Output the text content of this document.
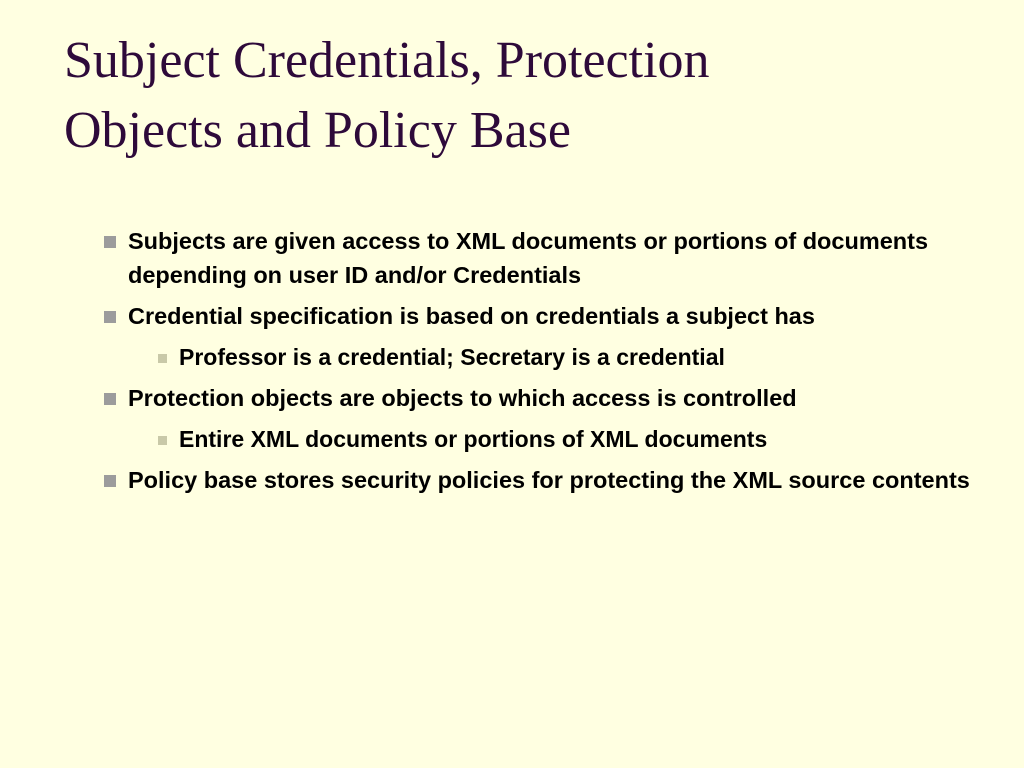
Subject Credentials, Protection
Objects and Policy Base
Subjects are given access to XML documents or portions of documents depending on user ID and/or Credentials
Credential specification is based on credentials a subject has
Professor is a credential; Secretary is a credential
Protection objects are objects to which access is controlled
Entire XML documents or portions of XML documents
Policy base stores security policies for protecting the XML source contents
